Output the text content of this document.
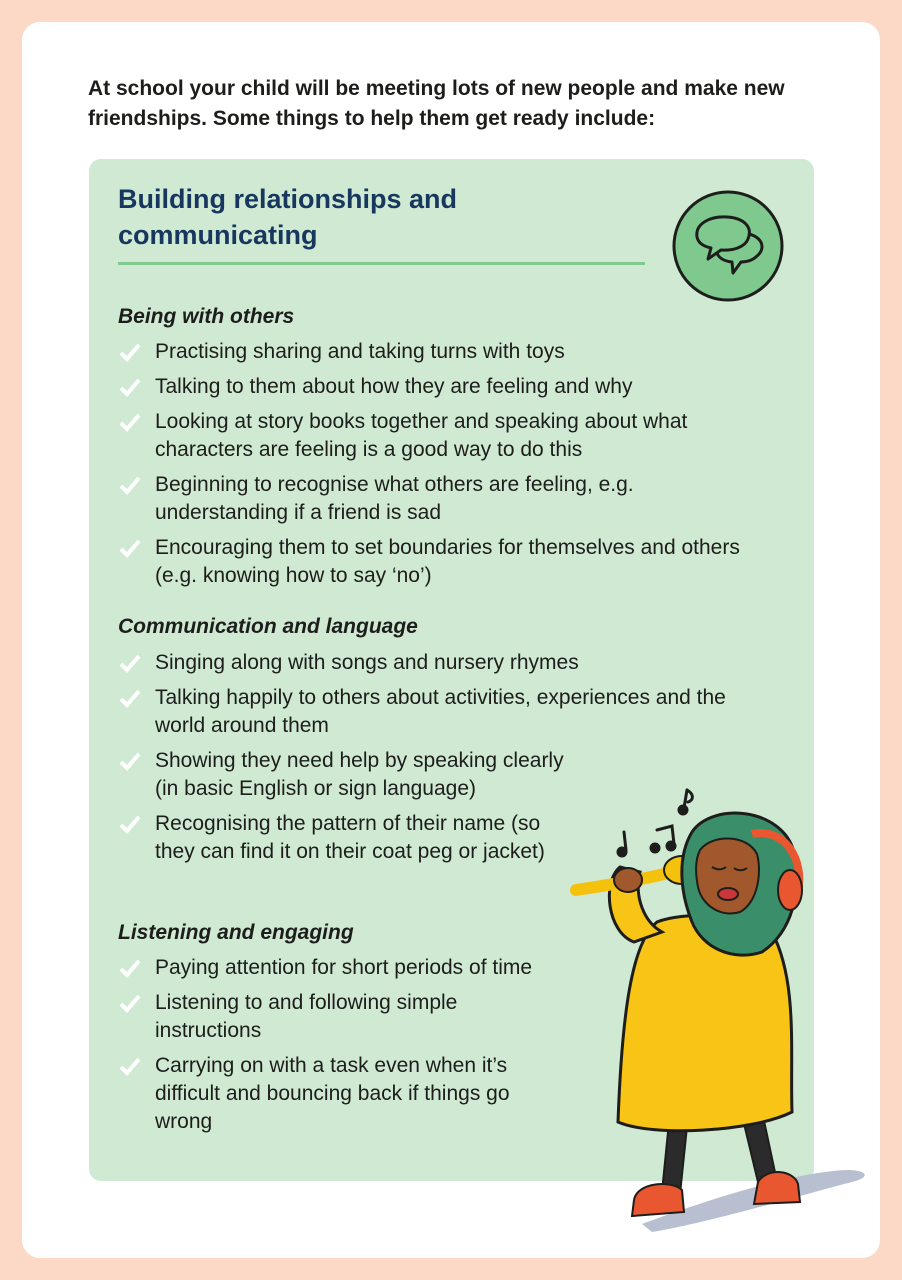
At school your child will be meeting lots of new people and make new friendships. Some things to help them get ready include:
Building relationships and communicating
Being with others
Practising sharing and taking turns with toys
Talking to them about how they are feeling and why
Looking at story books together and speaking about what characters are feeling is a good way to do this
Beginning to recognise what others are feeling, e.g. understanding if a friend is sad
Encouraging them to set boundaries for themselves and others (e.g. knowing how to say ‘no’)
Communication and language
Singing along with songs and nursery rhymes
Talking happily to others about activities, experiences and the world around them
Showing they need help by speaking clearly (in basic English or sign language)
Recognising the pattern of their name (so they can find it on their coat peg or jacket)
Listening and engaging
Paying attention for short periods of time
Listening to and following simple instructions
Carrying on with a task even when it’s difficult and bouncing back if things go wrong
